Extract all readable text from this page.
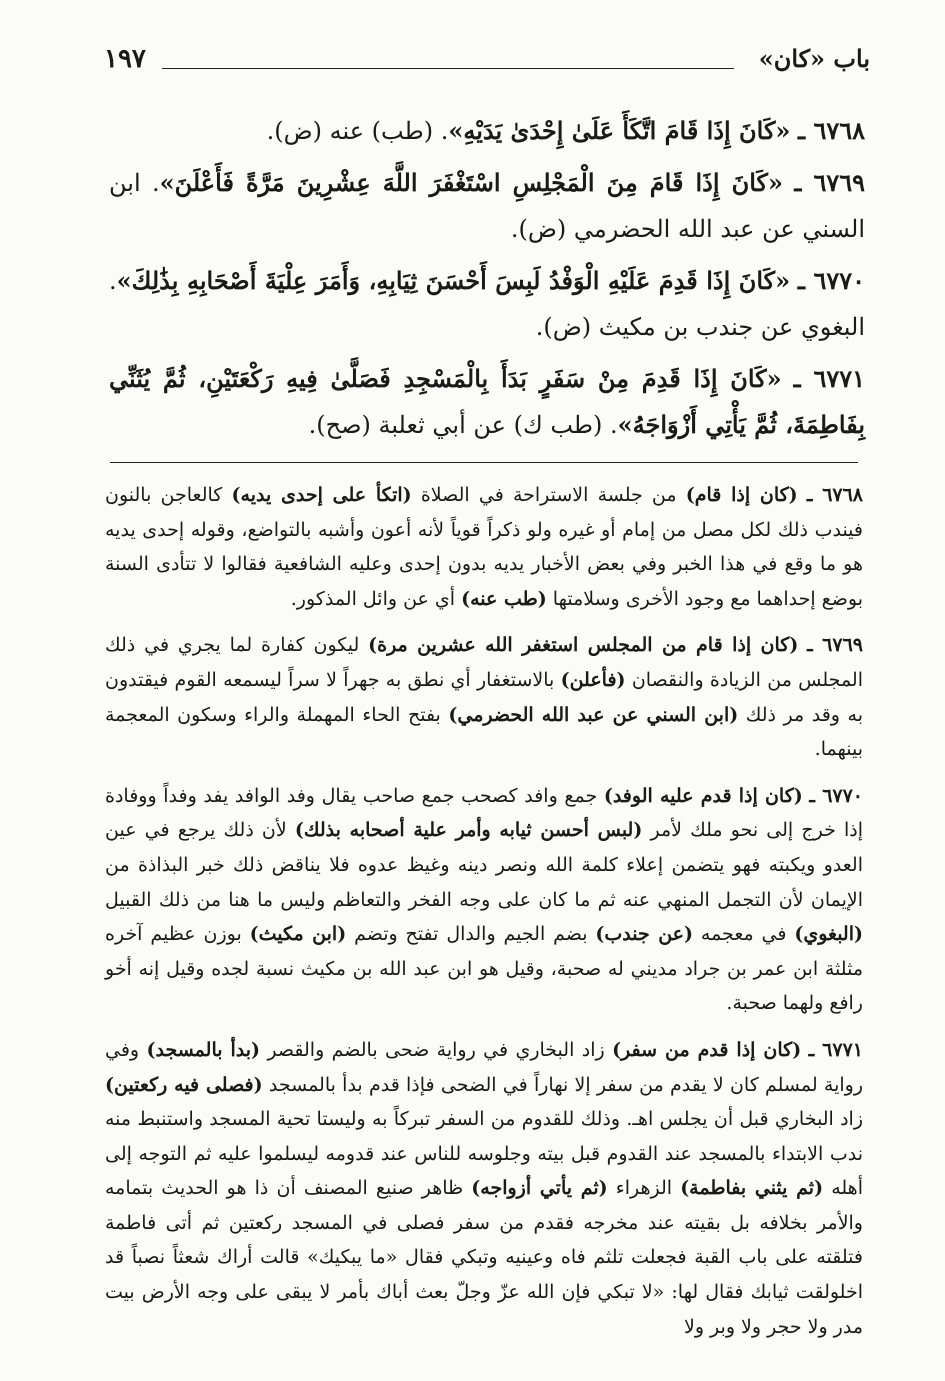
باب «كان»
١٩٧

٦٧٦٨ ـ «كَانَ إِذَا قَامَ اتَّكَأَ عَلَىٰ إِحْدَىٰ يَدَيْهِ». (طب) عنه (ض).

٦٧٦٩ ـ «كَانَ إِذَا قَامَ مِنَ الْمَجْلِسِ اسْتَغْفَرَ اللَّهَ عِشْرِينَ مَرَّةً فَأَعْلَنَ». ابن السني عن عبد الله الحضرمي (ض).

٦٧٧٠ ـ «كَانَ إِذَا قَدِمَ عَلَيْهِ الْوَفْدُ لَبِسَ أَحْسَنَ ثِيَابِهِ، وَأَمَرَ عِلْيَةَ أَصْحَابِهِ بِذَٰلِكَ». البغوي عن جندب بن مكيث (ض).

٦٧٧١ ـ «كَانَ إِذَا قَدِمَ مِنْ سَفَرٍ بَدَأَ بِالْمَسْجِدِ فَصَلَّىٰ فِيهِ رَكْعَتَيْنِ، ثُمَّ يُثَنِّي بِفَاطِمَةَ، ثُمَّ يَأْتِي أَزْوَاجَهُ». (طب ك) عن أبي ثعلبة (صح).

٦٧٦٨ ـ (كان إذا قام) من جلسة الاستراحة في الصلاة (اتكأ على إحدى يديه) كالعاجن بالنون فيندب ذلك لكل مصل من إمام أو غيره ولو ذكراً قوياً لأنه أعون وأشبه بالتواضع، وقوله إحدى يديه هو ما وقع في هذا الخبر وفي بعض الأخبار يديه بدون إحدى وعليه الشافعية فقالوا لا تتأدى السنة بوضع إحداهما مع وجود الأخرى وسلامتها (طب عنه) أي عن وائل المذكور.

٦٧٦٩ ـ (كان إذا قام من المجلس استغفر الله عشرين مرة) ليكون كفارة لما يجري في ذلك المجلس من الزيادة والنقصان (فأعلن) بالاستغفار أي نطق به جهراً لا سراً ليسمعه القوم فيقتدون به وقد مر ذلك (ابن السني عن عبد الله الحضرمي) بفتح الحاء المهملة والراء وسكون المعجمة بينهما.

٦٧٧٠ ـ (كان إذا قدم عليه الوفد) جمع وافد كصحب جمع صاحب يقال وفد الوافد يفد وفداً ووفادة إذا خرج إلى نحو ملك لأمر (لبس أحسن ثيابه وأمر علية أصحابه بذلك) لأن ذلك يرجع في عين العدو ويكبته فهو يتضمن إعلاء كلمة الله ونصر دينه وغيظ عدوه فلا يناقض ذلك خبر البذاذة من الإيمان لأن التجمل المنهي عنه ثم ما كان على وجه الفخر والتعاظم وليس ما هنا من ذلك القبيل (البغوي) في معجمه (عن جندب) بضم الجيم والدال تفتح وتضم (ابن مكيث) بوزن عظيم آخره مثلثة ابن عمر بن جراد مديني له صحبة، وقيل هو ابن عبد الله بن مكيث نسبة لجده وقيل إنه أخو رافع ولهما صحبة.

٦٧٧١ ـ (كان إذا قدم من سفر) زاد البخاري في رواية ضحى بالضم والقصر (بدأ بالمسجد) وفي رواية لمسلم كان لا يقدم من سفر إلا نهاراً في الضحى فإذا قدم بدأ بالمسجد (فصلى فيه ركعتين) زاد البخاري قبل أن يجلس اهـ. وذلك للقدوم من السفر تبركاً به وليستا تحية المسجد واستنبط منه ندب الابتداء بالمسجد عند القدوم قبل بيته وجلوسه للناس عند قدومه ليسلموا عليه ثم التوجه إلى أهله (ثم يثني بفاطمة) الزهراء (ثم يأتي أزواجه) ظاهر صنيع المصنف أن ذا هو الحديث بتمامه والأمر بخلافه بل بقيته عند مخرجه فقدم من سفر فصلى في المسجد ركعتين ثم أتى فاطمة فتلقته على باب القبة فجعلت تلثم فاه وعينيه وتبكي فقال «ما يبكيك» قالت أراك شعثاً نصباً قد اخلولقت ثيابك فقال لها: «لا تبكي فإن الله عزّ وجلّ بعث أباك بأمر لا يبقى على وجه الأرض بيت مدر ولا حجر ولا وبر ولا
